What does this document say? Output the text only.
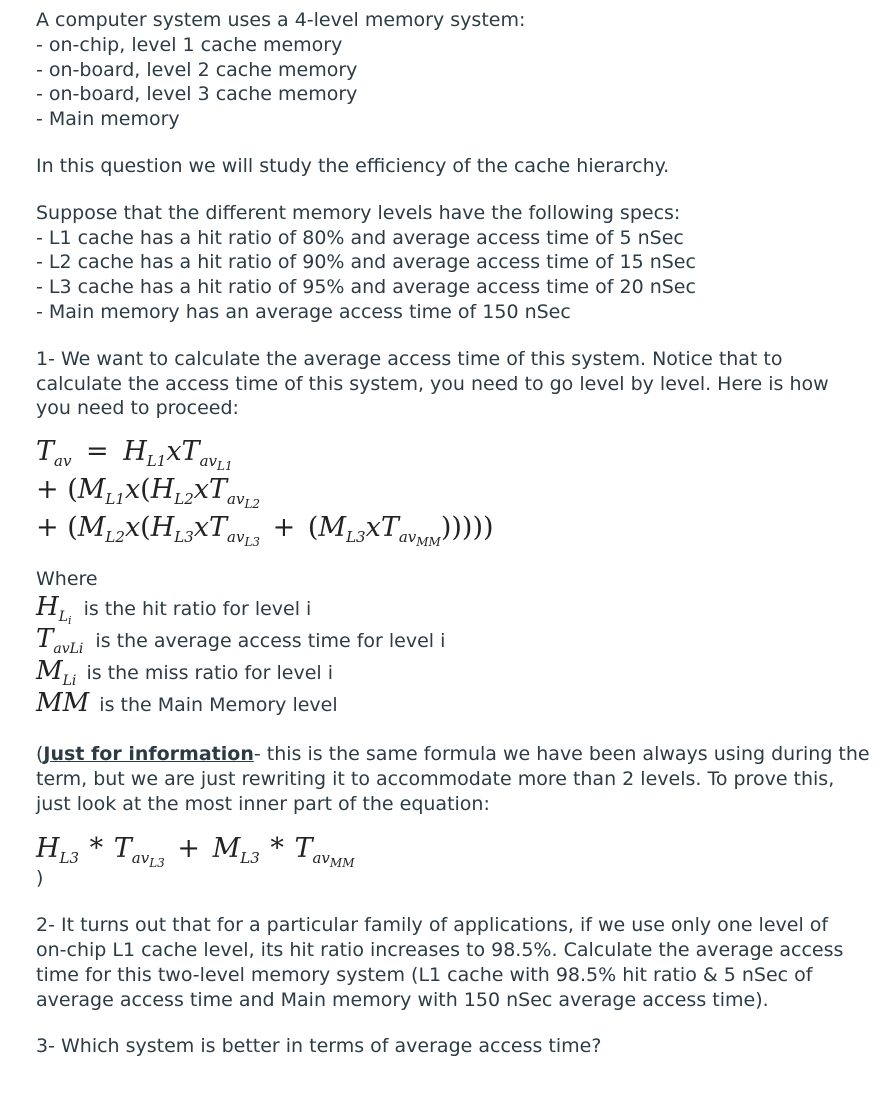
A computer system uses a 4-level memory system:
- on-chip, level 1 cache memory
- on-board, level 2 cache memory
- on-board, level 3 cache memory
- Main memory
In this question we will study the efficiency of the cache hierarchy.
Suppose that the different memory levels have the following specs:
- L1 cache has a hit ratio of 80% and average access time of 5 nSec
- L2 cache has a hit ratio of 90% and average access time of 15 nSec
- L3 cache has a hit ratio of 95% and average access time of 20 nSec
- Main memory has an average access time of 150 nSec
1- We want to calculate the average access time of this system. Notice that to
calculate the access time of this system, you need to go level by level. Here is how
you need to proceed:
$T_{av} = H_{L1}xT_{av_{L1}}$
+ ($M_{L1}x(H_{L2}xT_{av_{L2}}$
+ $(M_{L2}x(H_{L3}xT_{av_{L3}} + (M_{L3}xT_{av_{MM}})))$))
Where
$H_{L_i}$ is the hit ratio for level i
$T_{avLi}$ is the average access time for level i
$M_{Li}$ is the miss ratio for level i
MM is the Main Memory level
(Just for information- this is the same formula we have been always using during the
term, but we are just rewriting it to accommodate more than 2 levels. To prove this,
just look at the most inner part of the equation:
$H_{L3} * T_{av_{L3}} + M_{L3} * T_{av_{MM}}$
)
2- It turns out that for a particular family of applications, if we use only one level of
on-chip L1 cache level, its hit ratio increases to 98.5%. Calculate the average access
time for this two-level memory system (L1 cache with 98.5% hit ratio & 5 nSec of
average access time and Main memory with 150 nSec average access time).
3- Which system is better in terms of average access time?
